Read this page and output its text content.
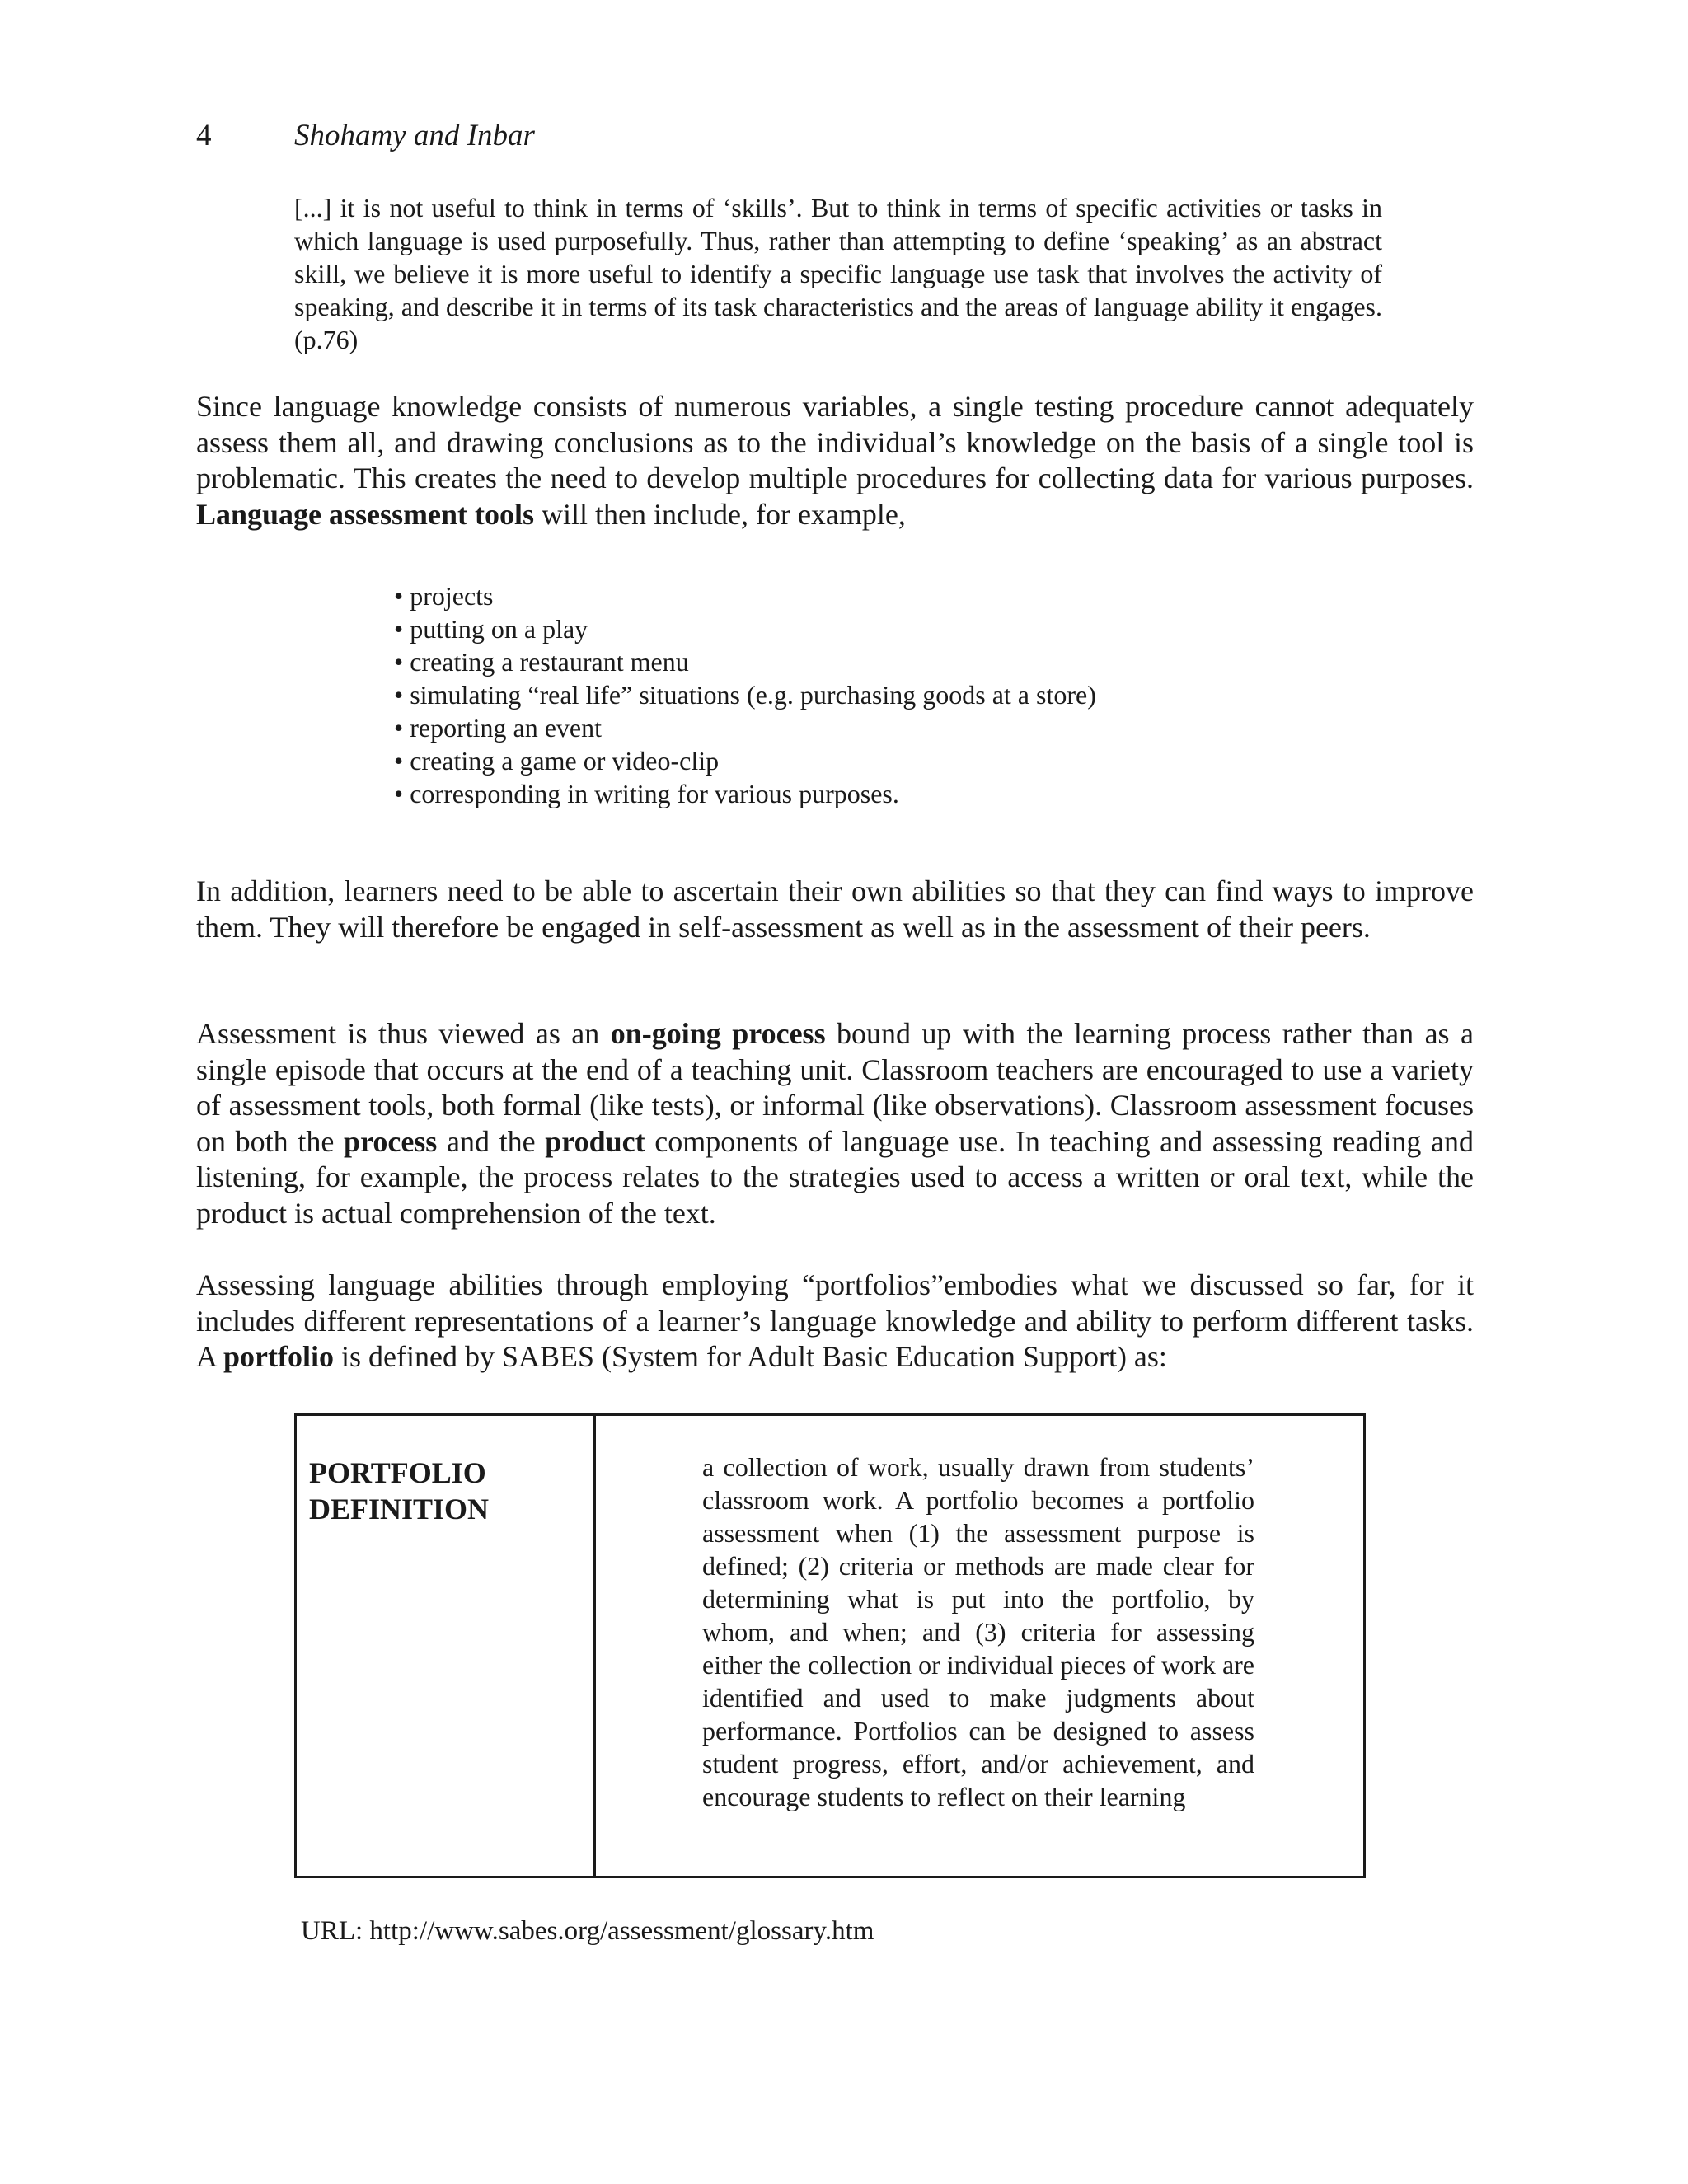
4	Shohamy and Inbar

[...] it is not useful to think in terms of ‘skills’. But to think in terms of specific activities or tasks in which language is used purposefully. Thus, rather than attempting to define ‘speaking’ as an abstract skill, we believe it is more useful to identify a specific language use task that involves the activity of speaking, and describe it in terms of its task characteristics and the areas of language ability it engages. (p.76)

Since language knowledge consists of numerous variables, a single testing procedure cannot adequately assess them all, and drawing conclusions as to the individual’s knowledge on the basis of a single tool is problematic. This creates the need to develop multiple procedures for collecting data for various purposes. Language assessment tools will then include, for example,

• projects
• putting on a play
• creating a restaurant menu
• simulating “real life” situations (e.g. purchasing goods at a store)
• reporting an event
• creating a game or video-clip
• corresponding in writing for various purposes.

In addition, learners need to be able to ascertain their own abilities so that they can find ways to improve them. They will therefore be engaged in self-assessment as well as in the assessment of their peers.

Assessment is thus viewed as an on-going process bound up with the learning process rather than as a single episode that occurs at the end of a teaching unit. Classroom teachers are encouraged to use a variety of assessment tools, both formal (like tests), or informal (like observations). Classroom assessment focuses on both the process and the product components of language use. In teaching and assessing reading and listening, for example, the process relates to the strategies used to access a written or oral text, while the product is actual comprehension of the text.

Assessing language abilities through employing “portfolios”embodies what we discussed so far, for it includes different representations of a learner’s language knowledge and ability to perform different tasks. A portfolio is defined by SABES (System for Adult Basic Education Support) as:

PORTFOLIO
DEFINITION

a collection of work, usually drawn from students’ classroom work. A portfolio becomes a portfolio assessment when (1) the assessment purpose is defined; (2) criteria or methods are made clear for determining what is put into the portfolio, by whom, and when; and (3) criteria for assessing either the collection or individual pieces of work are identified and used to make judgments about performance. Portfolios can be designed to assess student progress, effort, and/or achievement, and encourage students to reflect on their learning

URL: http://www.sabes.org/assessment/glossary.htm
